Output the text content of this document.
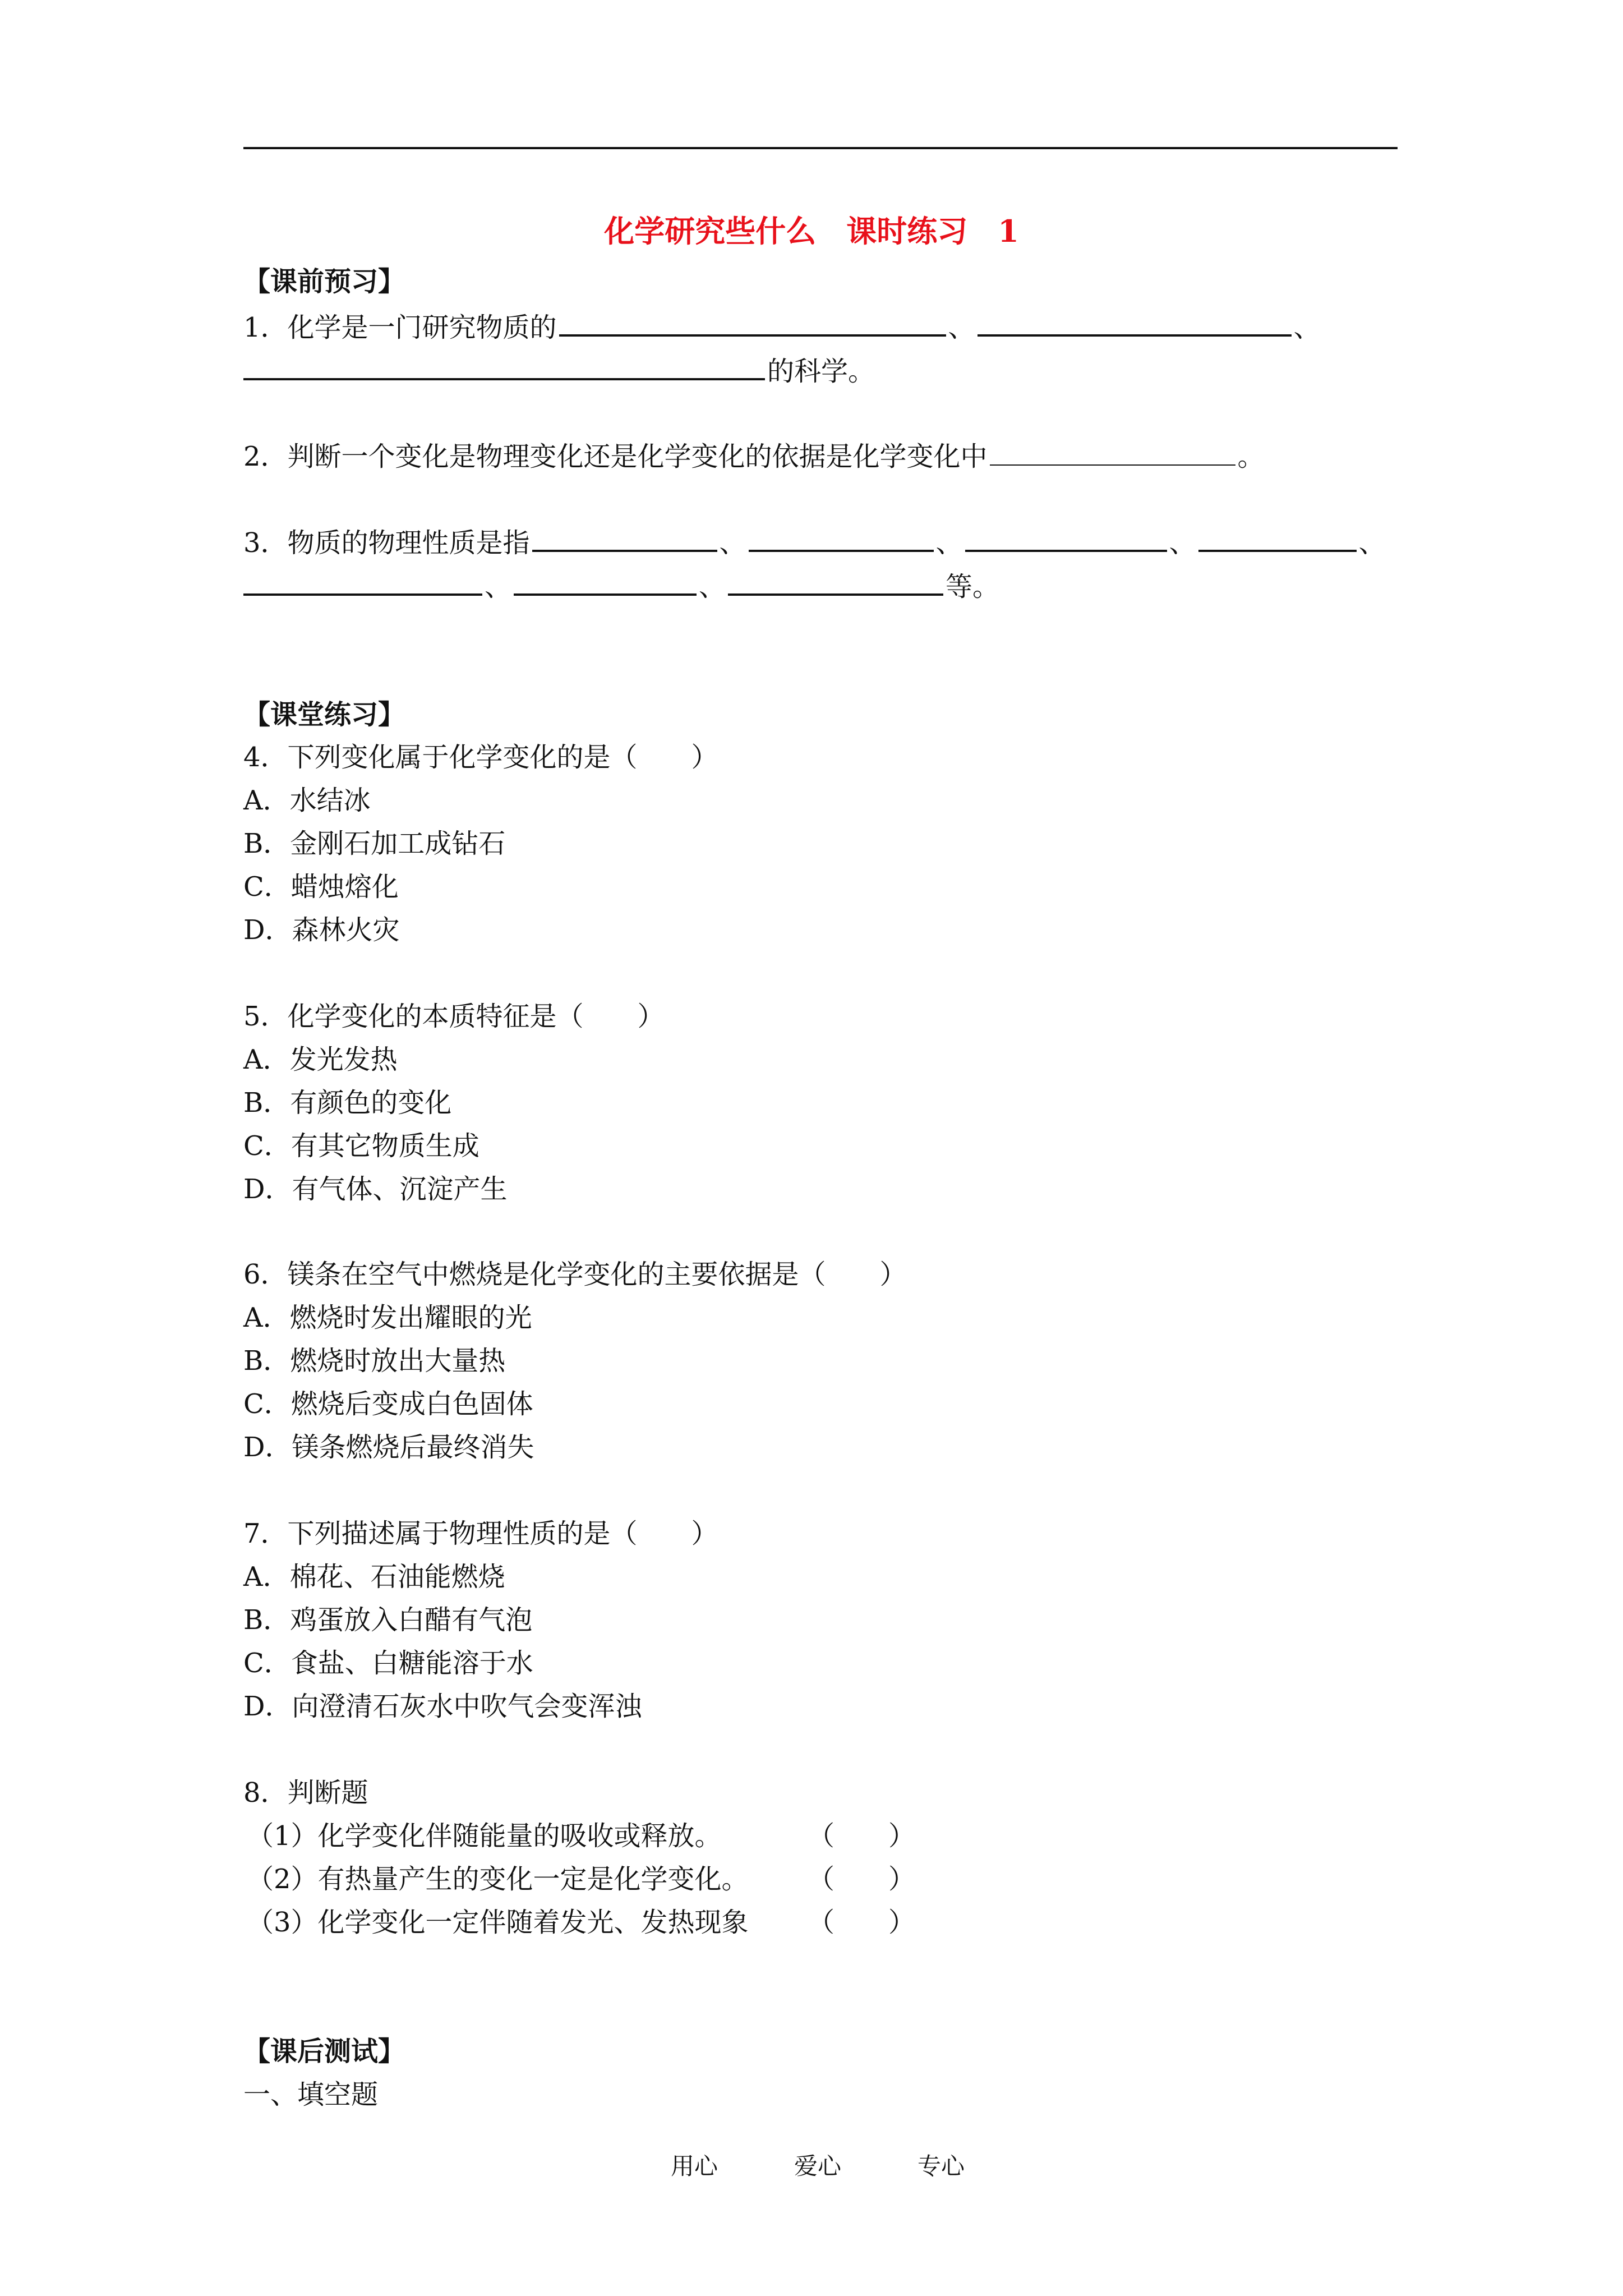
化学研究些什么　课时练习　1
【课前预习】
1．化学是一门研究物质的	、	、
的科学。
2．判断一个变化是物理变化还是化学变化的依据是化学变化中	。
3．物质的物理性质是指	、	、	、	、
、	、	等。
【课堂练习】
4．下列变化属于化学变化的是（　　）
A．水结冰
B．金刚石加工成钻石
C．蜡烛熔化
D．森林火灾
5．化学变化的本质特征是（　　）
A．发光发热
B．有颜色的变化
C．有其它物质生成
D．有气体、沉淀产生
6．镁条在空气中燃烧是化学变化的主要依据是（　　）
A．燃烧时发出耀眼的光
B．燃烧时放出大量热
C．燃烧后变成白色固体
D．镁条燃烧后最终消失
7．下列描述属于物理性质的是（　　）
A．棉花、石油能燃烧
B．鸡蛋放入白醋有气泡
C．食盐、白糖能溶于水
D．向澄清石灰水中吹气会变浑浊
8．判断题
（1）化学变化伴随能量的吸收或释放。	（　　）
（2）有热量产生的变化一定是化学变化。 （　　）
（3）化学变化一定伴随着发光、发热现象 （　　）
【课后测试】
一、填空题
用心	爱心	专心
